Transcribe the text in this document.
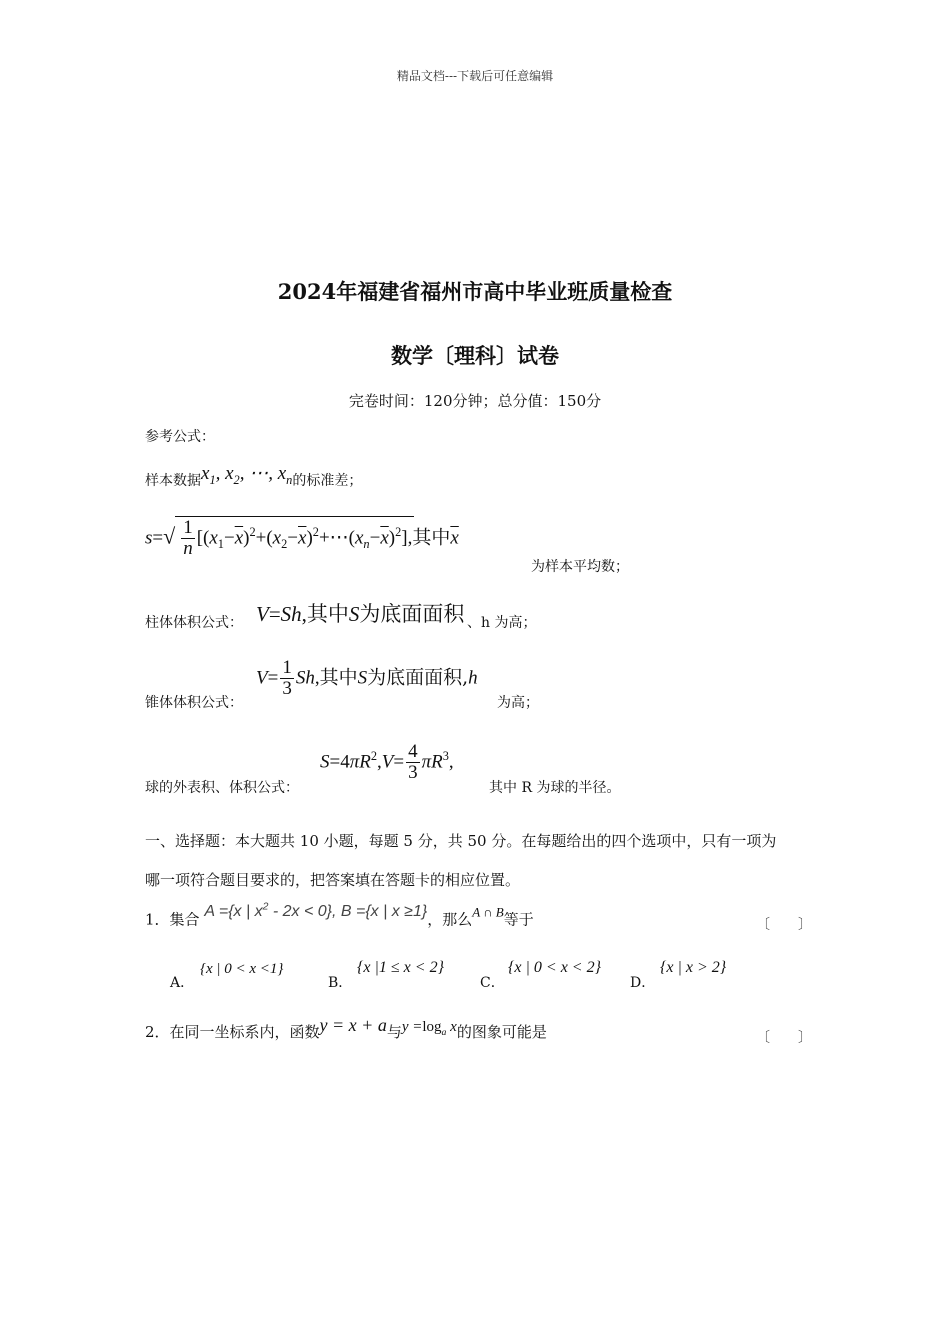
精品文档---下载后可任意编辑
2024年福建省福州市高中毕业班质量检查
数学〔理科〕试卷
完卷时间：120分钟；总分值：150分
参考公式：
样本数据$x_1$, $x_2$, ⋯, $x_n$的标准差；
$s=√ \frac{1}{n}$ $[(x_1-\overline{x})^2+(x_2-\overline{x})^2+\cdots(x_n-\overline{x})^2]$,其中$\overline{x}$
为样本平均数；
柱体体积公式： V=Sh,其中S为底面面积 、h 为高；
锥体体积公式：
$V= \frac{1}{3} Sh$,其中S为底面面积,h
为高；
球的外表积、体积公式：
$S=4\pi R^2,V= \frac{4}{3} \pi R^3$,
其中 R 为球的半径。
一、选择题：本大题共 10 小题，每题 5 分，共 50 分。在每题给出的四个选项中，只有一项为
哪一项符合题目要求的，把答案填在答题卡的相应位置。
1．集合 A ={x | $x^2 - 2x < 0$}, B ={x | x ≥1}，那么A ∩ B等于	〔　　〕
A．
{x | 0 < x <1}
B．
{x |1 ≤ x < 2}
C．
{x | 0 < x < 2}
D．
{x | x > 2}
2．在同一坐标系内，函数y = x + a与$y =\log_a$ x的图象可能是	〔　　〕
